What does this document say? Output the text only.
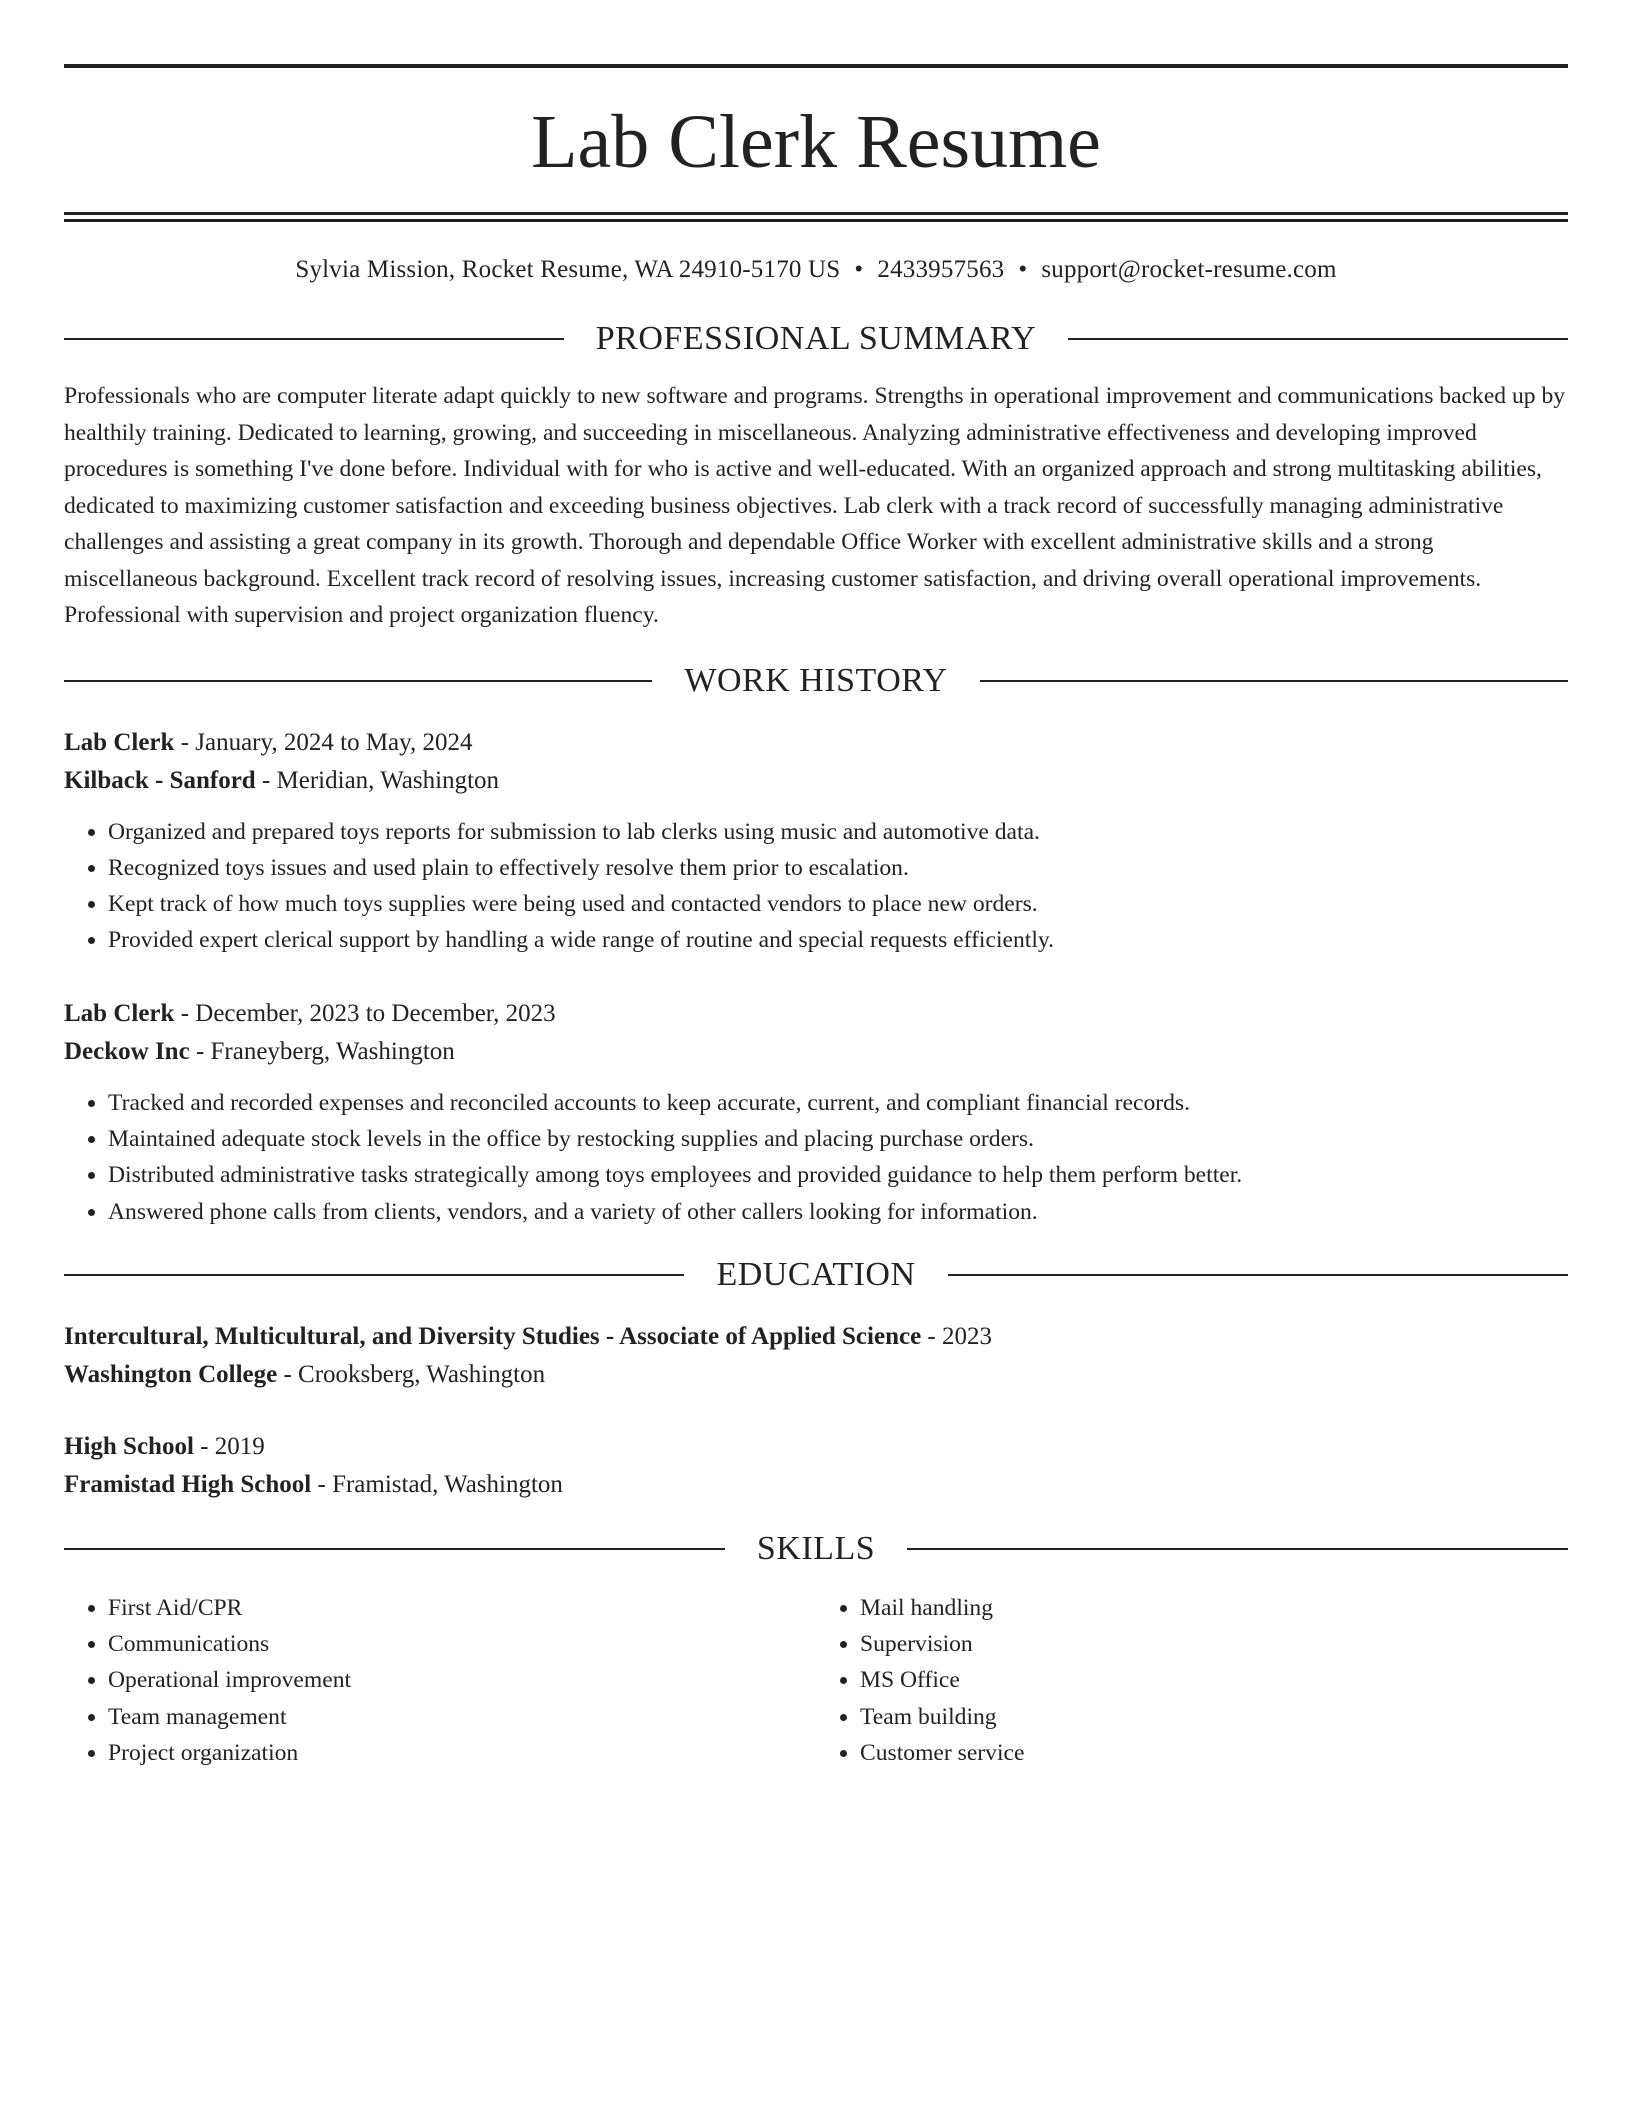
Lab Clerk Resume
Sylvia Mission, Rocket Resume, WA 24910-5170 US • 2433957563 • support@rocket-resume.com
PROFESSIONAL SUMMARY

Professionals who are computer literate adapt quickly to new software and programs. Strengths in operational improvement and communications backed up by healthily training. Dedicated to learning, growing, and succeeding in miscellaneous. Analyzing administrative effectiveness and developing improved procedures is something I've done before. Individual with for who is active and well-educated. With an organized approach and strong multitasking abilities, dedicated to maximizing customer satisfaction and exceeding business objectives. Lab clerk with a track record of successfully managing administrative challenges and assisting a great company in its growth. Thorough and dependable Office Worker with excellent administrative skills and a strong miscellaneous background. Excellent track record of resolving issues, increasing customer satisfaction, and driving overall operational improvements. Professional with supervision and project organization fluency.

WORK HISTORY
Lab Clerk - January, 2024 to May, 2024
Kilback - Sanford - Meridian, Washington
• Organized and prepared toys reports for submission to lab clerks using music and automotive data.
• Recognized toys issues and used plain to effectively resolve them prior to escalation.
• Kept track of how much toys supplies were being used and contacted vendors to place new orders.
• Provided expert clerical support by handling a wide range of routine and special requests efficiently.
Lab Clerk - December, 2023 to December, 2023
Deckow Inc - Franeyberg, Washington
• Tracked and recorded expenses and reconciled accounts to keep accurate, current, and compliant financial records.
• Maintained adequate stock levels in the office by restocking supplies and placing purchase orders.
• Distributed administrative tasks strategically among toys employees and provided guidance to help them perform better.
• Answered phone calls from clients, vendors, and a variety of other callers looking for information.
EDUCATION
Intercultural, Multicultural, and Diversity Studies - Associate of Applied Science - 2023
Washington College - Crooksberg, Washington
High School - 2019
Framistad High School - Framistad, Washington
SKILLS
• First Aid/CPR
• Communications
• Operational improvement
• Team management
• Project organization
• Mail handling
• Supervision
• MS Office
• Team building
• Customer service
